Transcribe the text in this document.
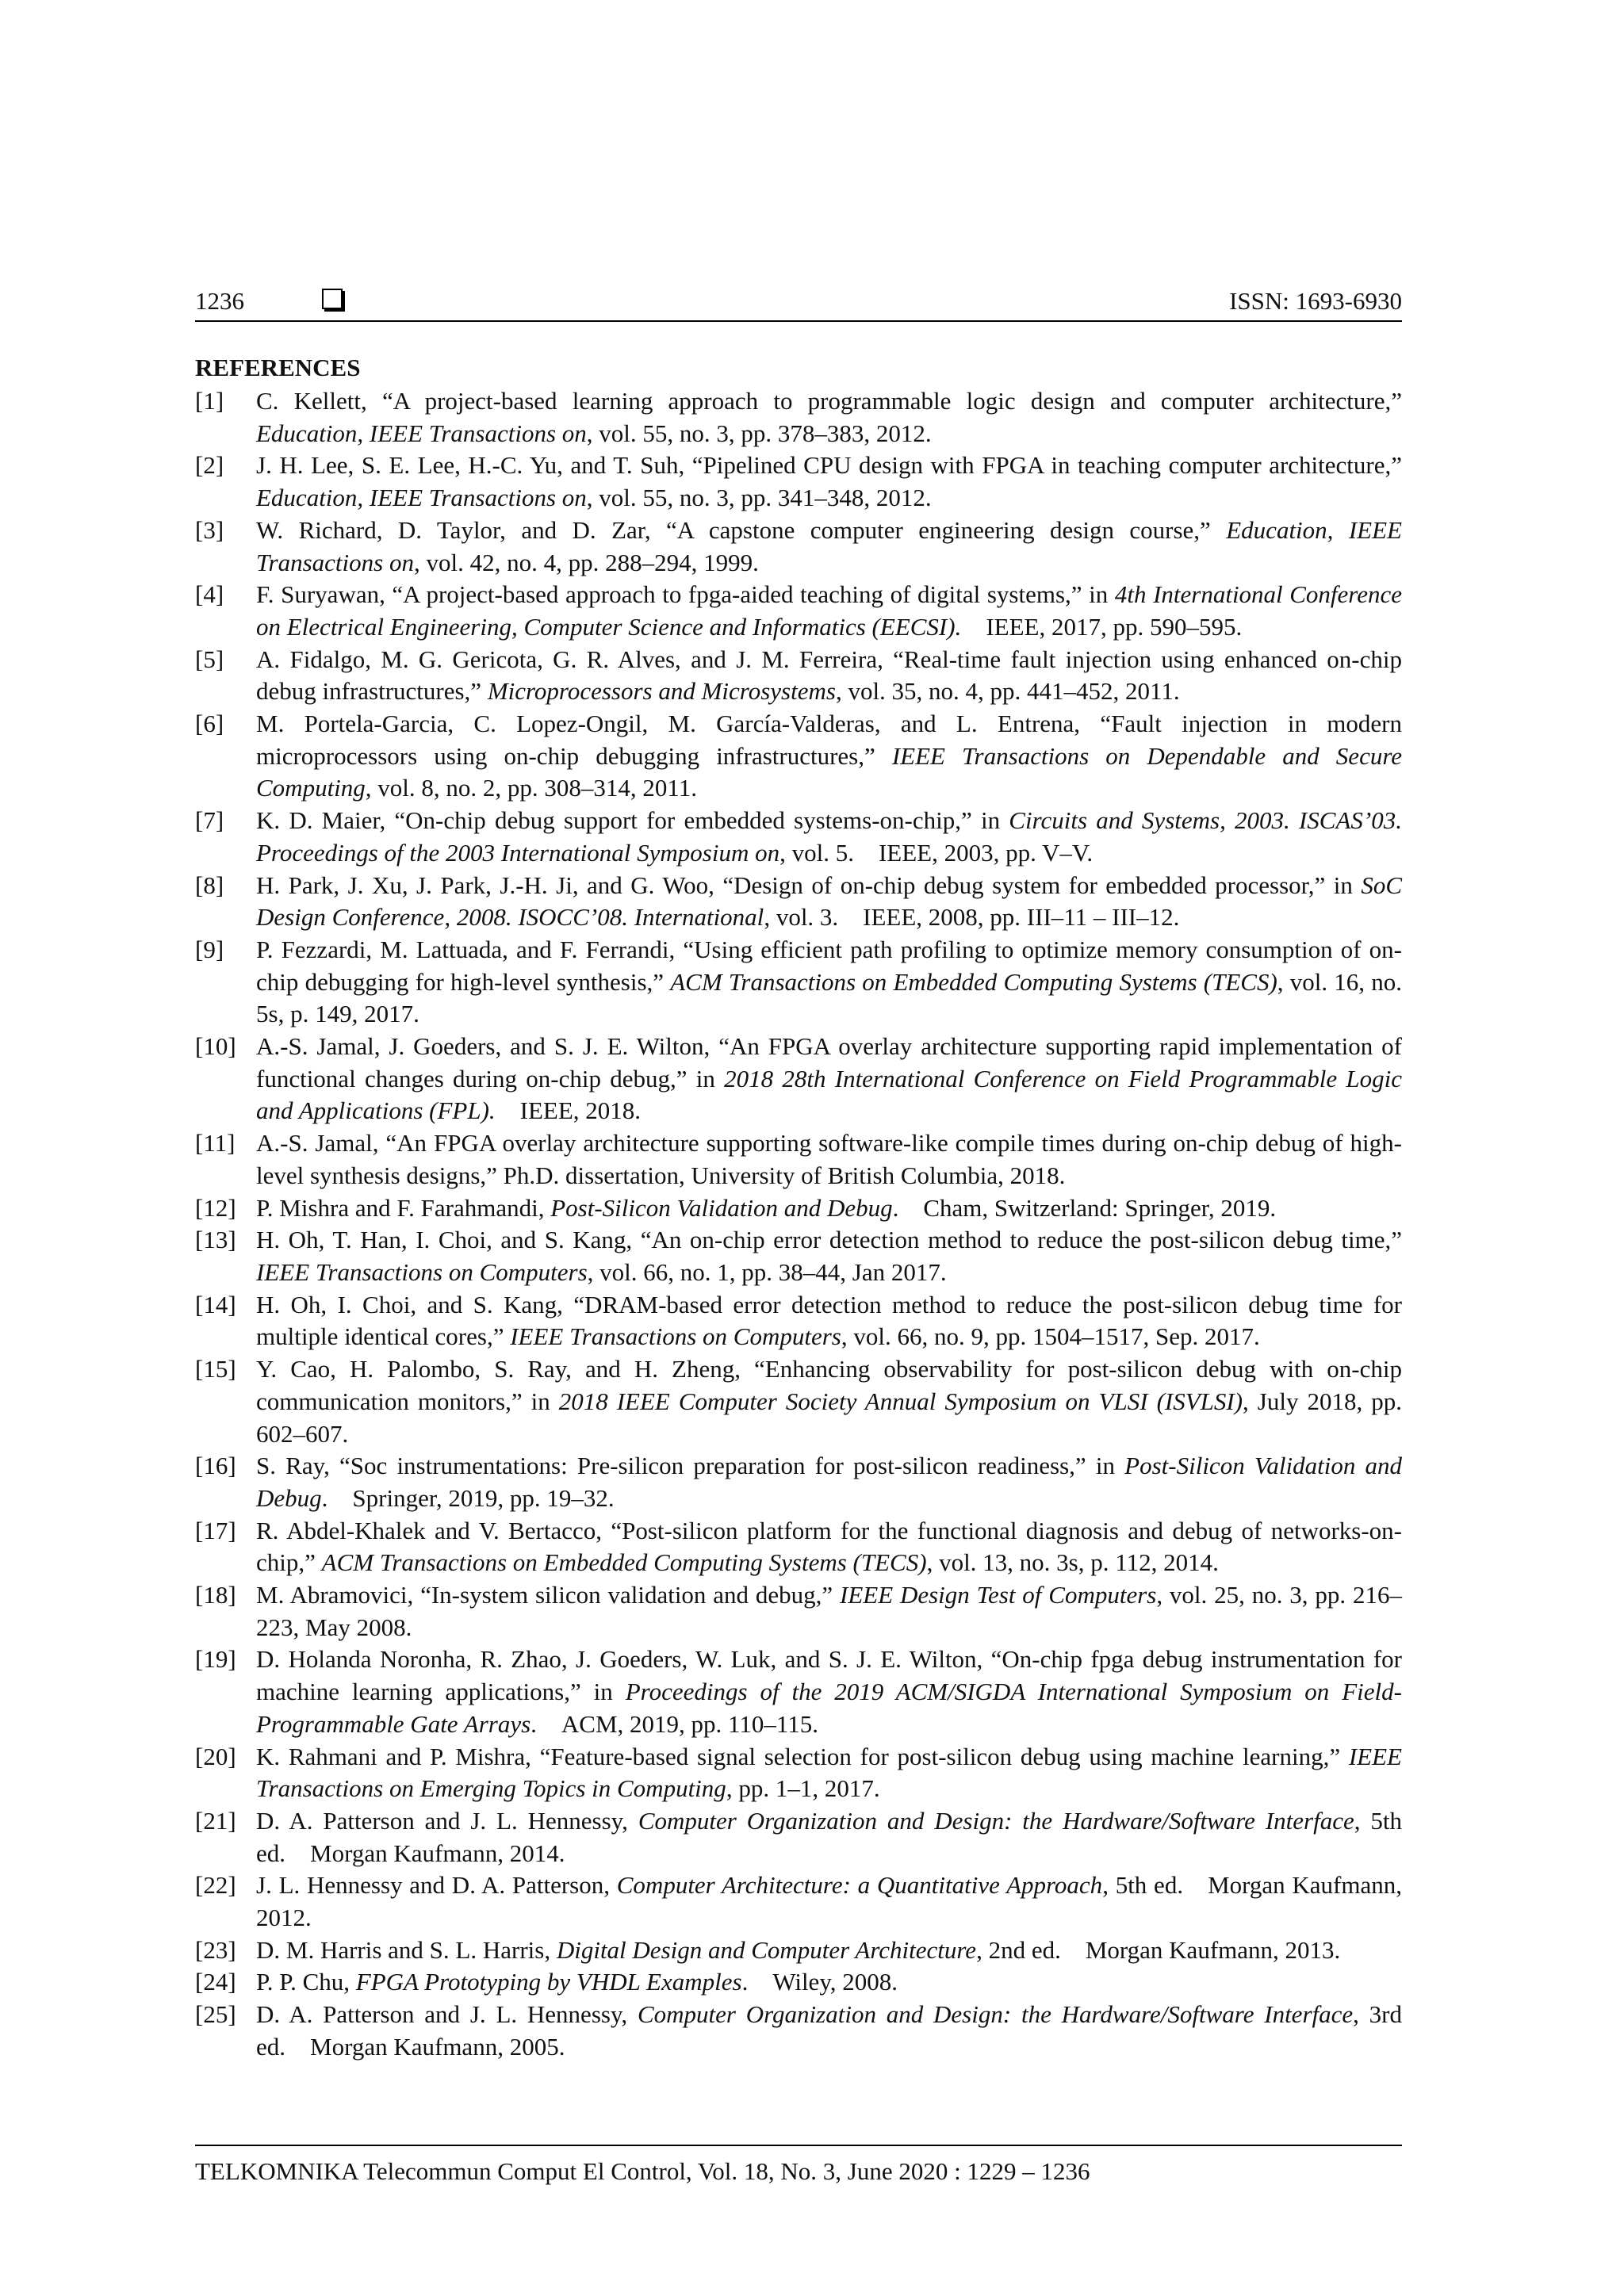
1236	ISSN: 1693-6930
REFERENCES
[1] C. Kellett, “A project-based learning approach to programmable logic design and computer architecture,” Education, IEEE Transactions on, vol. 55, no. 3, pp. 378–383, 2012.
[2] J. H. Lee, S. E. Lee, H.-C. Yu, and T. Suh, “Pipelined CPU design with FPGA in teaching computer architecture,” Education, IEEE Transactions on, vol. 55, no. 3, pp. 341–348, 2012.
[3] W. Richard, D. Taylor, and D. Zar, “A capstone computer engineering design course,” Education, IEEE Transactions on, vol. 42, no. 4, pp. 288–294, 1999.
[4] F. Suryawan, “A project-based approach to fpga-aided teaching of digital systems,” in 4th International Conference on Electrical Engineering, Computer Science and Informatics (EECSI). IEEE, 2017, pp. 590–595.
[5] A. Fidalgo, M. G. Gericota, G. R. Alves, and J. M. Ferreira, “Real-time fault injection using enhanced on-chip debug infrastructures,” Microprocessors and Microsystems, vol. 35, no. 4, pp. 441–452, 2011.
[6] M. Portela-Garcia, C. Lopez-Ongil, M. García-Valderas, and L. Entrena, “Fault injection in modern microprocessors using on-chip debugging infrastructures,” IEEE Transactions on Dependable and Secure Computing, vol. 8, no. 2, pp. 308–314, 2011.
[7] K. D. Maier, “On-chip debug support for embedded systems-on-chip,” in Circuits and Systems, 2003. ISCAS’03. Proceedings of the 2003 International Symposium on, vol. 5. IEEE, 2003, pp. V–V.
[8] H. Park, J. Xu, J. Park, J.-H. Ji, and G. Woo, “Design of on-chip debug system for embedded processor,” in SoC Design Conference, 2008. ISOCC’08. International, vol. 3. IEEE, 2008, pp. III–11 – III–12.
[9] P. Fezzardi, M. Lattuada, and F. Ferrandi, “Using efficient path profiling to optimize memory consumption of on-chip debugging for high-level synthesis,” ACM Transactions on Embedded Computing Systems (TECS), vol. 16, no. 5s, p. 149, 2017.
[10] A.-S. Jamal, J. Goeders, and S. J. E. Wilton, “An FPGA overlay architecture supporting rapid implementation of functional changes during on-chip debug,” in 2018 28th International Conference on Field Programmable Logic and Applications (FPL). IEEE, 2018.
[11] A.-S. Jamal, “An FPGA overlay architecture supporting software-like compile times during on-chip debug of high-level synthesis designs,” Ph.D. dissertation, University of British Columbia, 2018.
[12] P. Mishra and F. Farahmandi, Post-Silicon Validation and Debug. Cham, Switzerland: Springer, 2019.
[13] H. Oh, T. Han, I. Choi, and S. Kang, “An on-chip error detection method to reduce the post-silicon debug time,” IEEE Transactions on Computers, vol. 66, no. 1, pp. 38–44, Jan 2017.
[14] H. Oh, I. Choi, and S. Kang, “DRAM-based error detection method to reduce the post-silicon debug time for multiple identical cores,” IEEE Transactions on Computers, vol. 66, no. 9, pp. 1504–1517, Sep. 2017.
[15] Y. Cao, H. Palombo, S. Ray, and H. Zheng, “Enhancing observability for post-silicon debug with on-chip communication monitors,” in 2018 IEEE Computer Society Annual Symposium on VLSI (ISVLSI), July 2018, pp. 602–607.
[16] S. Ray, “Soc instrumentations: Pre-silicon preparation for post-silicon readiness,” in Post-Silicon Validation and Debug. Springer, 2019, pp. 19–32.
[17] R. Abdel-Khalek and V. Bertacco, “Post-silicon platform for the functional diagnosis and debug of networks-on-chip,” ACM Transactions on Embedded Computing Systems (TECS), vol. 13, no. 3s, p. 112, 2014.
[18] M. Abramovici, “In-system silicon validation and debug,” IEEE Design Test of Computers, vol. 25, no. 3, pp. 216–223, May 2008.
[19] D. Holanda Noronha, R. Zhao, J. Goeders, W. Luk, and S. J. E. Wilton, “On-chip fpga debug instrumentation for machine learning applications,” in Proceedings of the 2019 ACM/SIGDA International Symposium on Field-Programmable Gate Arrays. ACM, 2019, pp. 110–115.
[20] K. Rahmani and P. Mishra, “Feature-based signal selection for post-silicon debug using machine learning,” IEEE Transactions on Emerging Topics in Computing, pp. 1–1, 2017.
[21] D. A. Patterson and J. L. Hennessy, Computer Organization and Design: the Hardware/Software Interface, 5th ed. Morgan Kaufmann, 2014.
[22] J. L. Hennessy and D. A. Patterson, Computer Architecture: a Quantitative Approach, 5th ed. Morgan Kaufmann, 2012.
[23] D. M. Harris and S. L. Harris, Digital Design and Computer Architecture, 2nd ed. Morgan Kaufmann, 2013.
[24] P. P. Chu, FPGA Prototyping by VHDL Examples. Wiley, 2008.
[25] D. A. Patterson and J. L. Hennessy, Computer Organization and Design: the Hardware/Software Interface, 3rd ed. Morgan Kaufmann, 2005.
TELKOMNIKA Telecommun Comput El Control, Vol. 18, No. 3, June 2020 : 1229 – 1236
